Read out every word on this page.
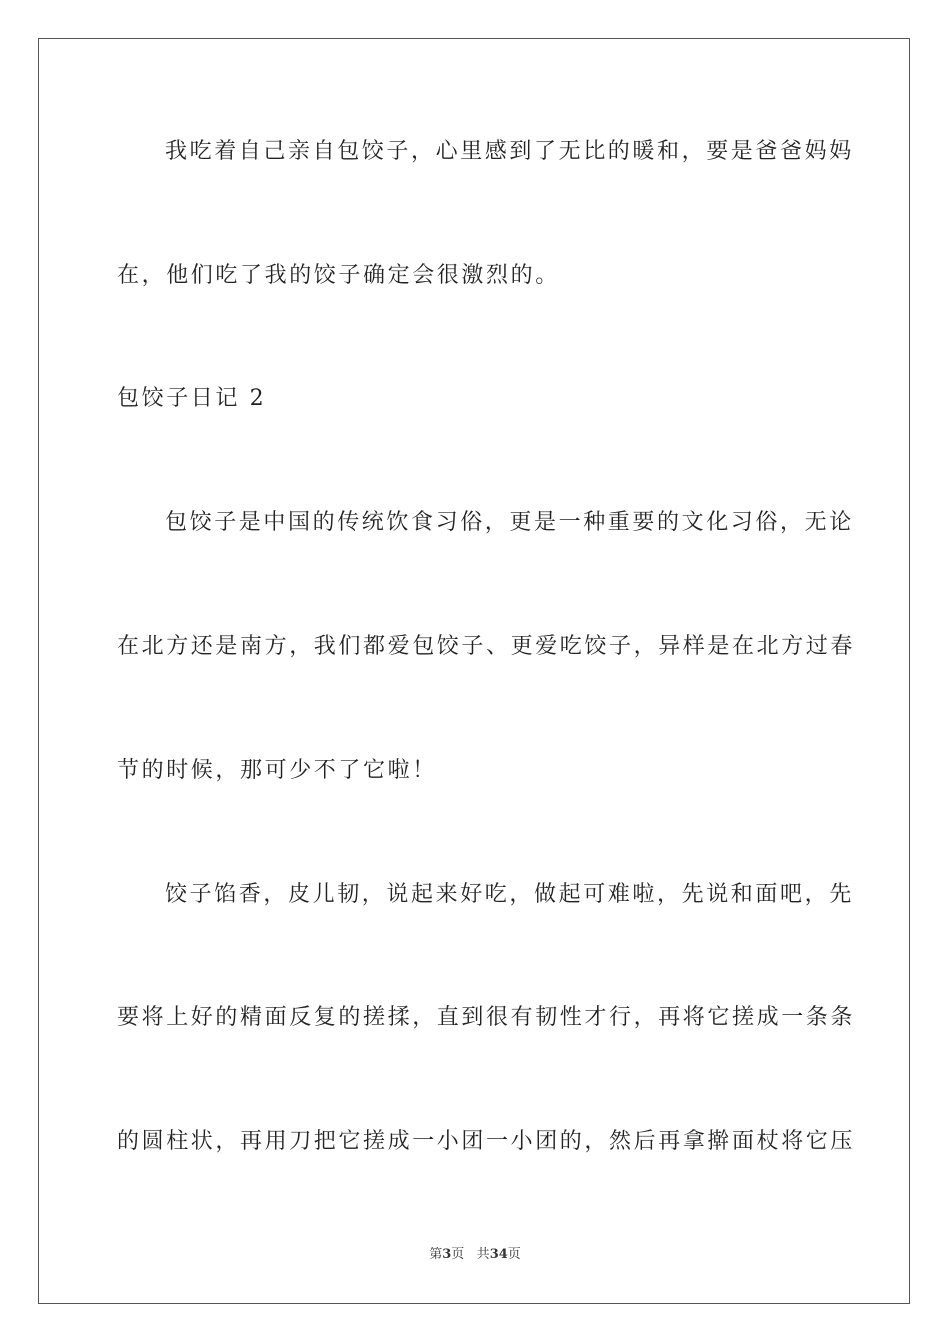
我吃着自己亲自包饺子，心里感到了无比的暖和，要是爸爸妈妈
在，他们吃了我的饺子确定会很激烈的。
包饺子日记 2
包饺子是中国的传统饮食习俗，更是一种重要的文化习俗，无论
在北方还是南方，我们都爱包饺子、更爱吃饺子，异样是在北方过春
节的时候，那可少不了它啦！
饺子馅香，皮儿韧，说起来好吃，做起可难啦，先说和面吧，先
要将上好的精面反复的搓揉，直到很有韧性才行，再将它搓成一条条
的圆柱状，再用刀把它搓成一小团一小团的，然后再拿擀面杖将它压
第3页 共34页
